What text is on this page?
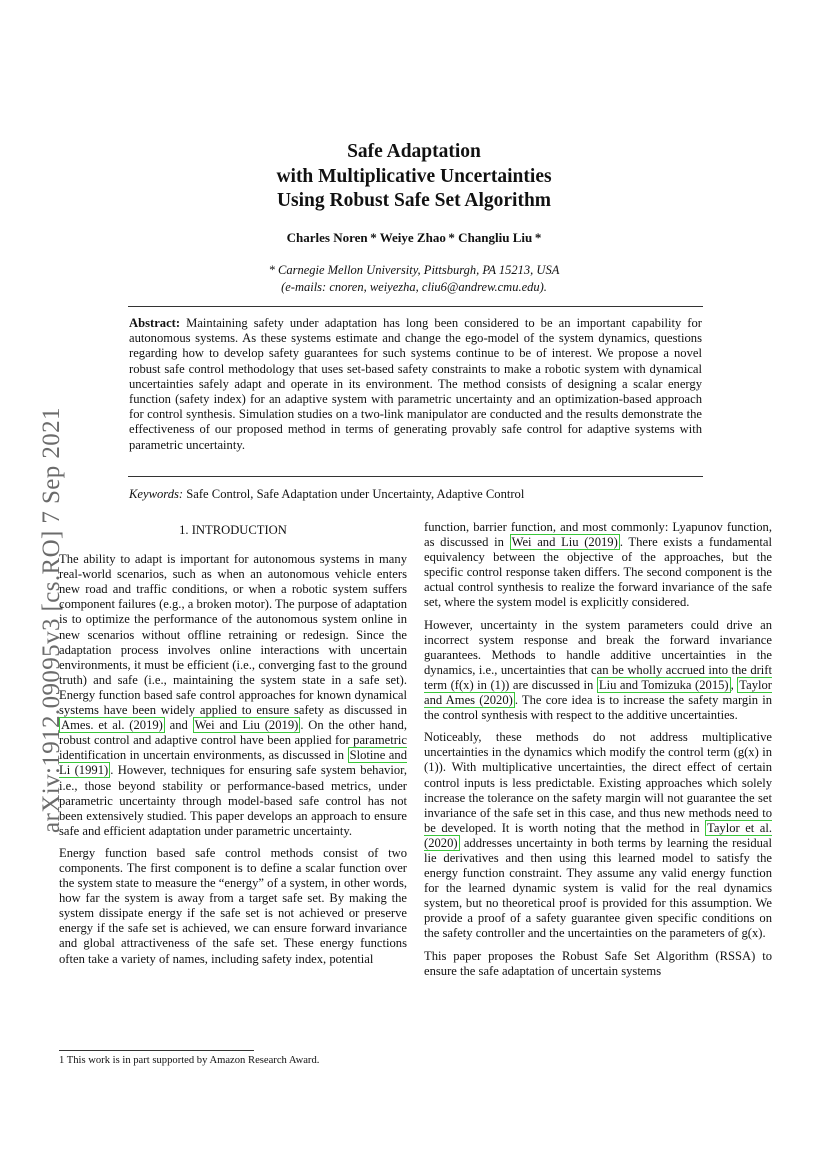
arXiv:1912.09095v3 [cs.RO] 7 Sep 2021
Safe Adaptation
with Multiplicative Uncertainties
Using Robust Safe Set Algorithm
Charles Noren * Weiye Zhao * Changliu Liu *
* Carnegie Mellon University, Pittsburgh, PA 15213, USA
(e-mails: cnoren, weiyezha, cliu6@andrew.cmu.edu).
Abstract: Maintaining safety under adaptation has long been considered to be an important capability for autonomous systems. As these systems estimate and change the ego-model of the system dynamics, questions regarding how to develop safety guarantees for such systems continue to be of interest. We propose a novel robust safe control methodology that uses set-based safety constraints to make a robotic system with dynamical uncertainties safely adapt and operate in its environment. The method consists of designing a scalar energy function (safety index) for an adaptive system with parametric uncertainty and an optimization-based approach for control synthesis. Simulation studies on a two-link manipulator are conducted and the results demonstrate the effectiveness of our proposed method in terms of generating provably safe control for adaptive systems with parametric uncertainty.
Keywords: Safe Control, Safe Adaptation under Uncertainty, Adaptive Control
1. INTRODUCTION

The ability to adapt is important for autonomous systems in many real-world scenarios, such as when an autonomous vehicle enters new road and traffic conditions, or when a robotic system suffers component failures (e.g., a broken motor). The purpose of adaptation is to optimize the performance of the autonomous system online in new scenarios without offline retraining or redesign. Since the adaptation process involves online interactions with uncertain environments, it must be efficient (i.e., converging fast to the ground truth) and safe (i.e., maintaining the system state in a safe set). Energy function based safe control approaches for known dynamical systems have been widely applied to ensure safety as discussed in Ames. et al. (2019) and Wei and Liu (2019) . On the other hand, robust control and adaptive control have been applied for parametric identification in uncertain environments, as discussed in Slotine and Li (1991) . However, techniques for ensuring safe system behavior, i.e., those beyond stability or performance-based metrics, under parametric uncertainty through model-based safe control has not been extensively studied. This paper develops an approach to ensure safe and efficient adaptation under parametric uncertainty.

Energy function based safe control methods consist of two components. The first component is to define a scalar function over the system state to measure the “energy” of a system, in other words, how far the system is away from a target safe set. By making the system dissipate energy if the safe set is not achieved or preserve energy if the safe set is achieved, we can ensure forward invariance and global attractiveness of the safe set. These energy functions often take a variety of names, including safety index, potential

function, barrier function, and most commonly: Lyapunov function, as discussed in Wei and Liu (2019) . There exists a fundamental equivalency between the objective of the approaches, but the specific control response taken differs. The second component is the actual control synthesis to realize the forward invariance of the safe set, where the system model is explicitly considered.

However, uncertainty in the system parameters could drive an incorrect system response and break the forward invariance guarantees. Methods to handle additive uncertainties in the dynamics, i.e., uncertainties that can be wholly accrued into the drift term (f(x) in (1)) are discussed in Liu and Tomizuka (2015) , Taylor and Ames (2020) . The core idea is to increase the safety margin in the control synthesis with respect to the additive uncertainties.

Noticeably, these methods do not address multiplicative uncertainties in the dynamics which modify the control term (g(x) in (1)). With multiplicative uncertainties, the direct effect of certain control inputs is less predictable. Existing approaches which solely increase the tolerance on the safety margin will not guarantee the set invariance of the safe set in this case, and thus new methods need to be developed. It is worth noting that the method in Taylor et al. (2020) addresses uncertainty in both terms by learning the residual lie derivatives and then using this learned model to satisfy the energy function constraint. They assume any valid energy function for the learned dynamic system is valid for the real dynamics system, but no theoretical proof is provided for this assumption. We provide a proof of a safety guarantee given specific conditions on the safety controller and the uncertainties on the parameters of g(x).

This paper proposes the Robust Safe Set Algorithm (RSSA) to ensure the safe adaptation of uncertain systems

1 This work is in part supported by Amazon Research Award.
